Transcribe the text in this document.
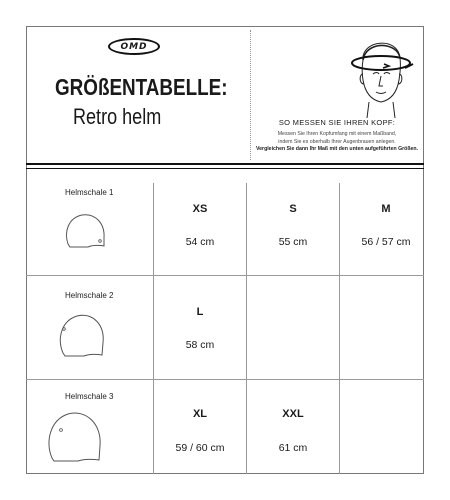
OMD
GRÖßENTABELLE:
Retro helm	SO MESSEN SIE IHREN KOPF:
Messen Sie Ihren Kopfumfang mit einem Maßband,
indem Sie es oberhalb Ihrer Augenbrauen anlegen.
Vergleichen Sie dann Ihr Maß mit den unten aufgeführten Größen.
Helmschale 1
XS
54 cm
S
55 cm
M
56 / 57 cm
Helmschale 2
L
58 cm
Helmschale 3
XL
59 / 60 cm
XXL
61 cm
